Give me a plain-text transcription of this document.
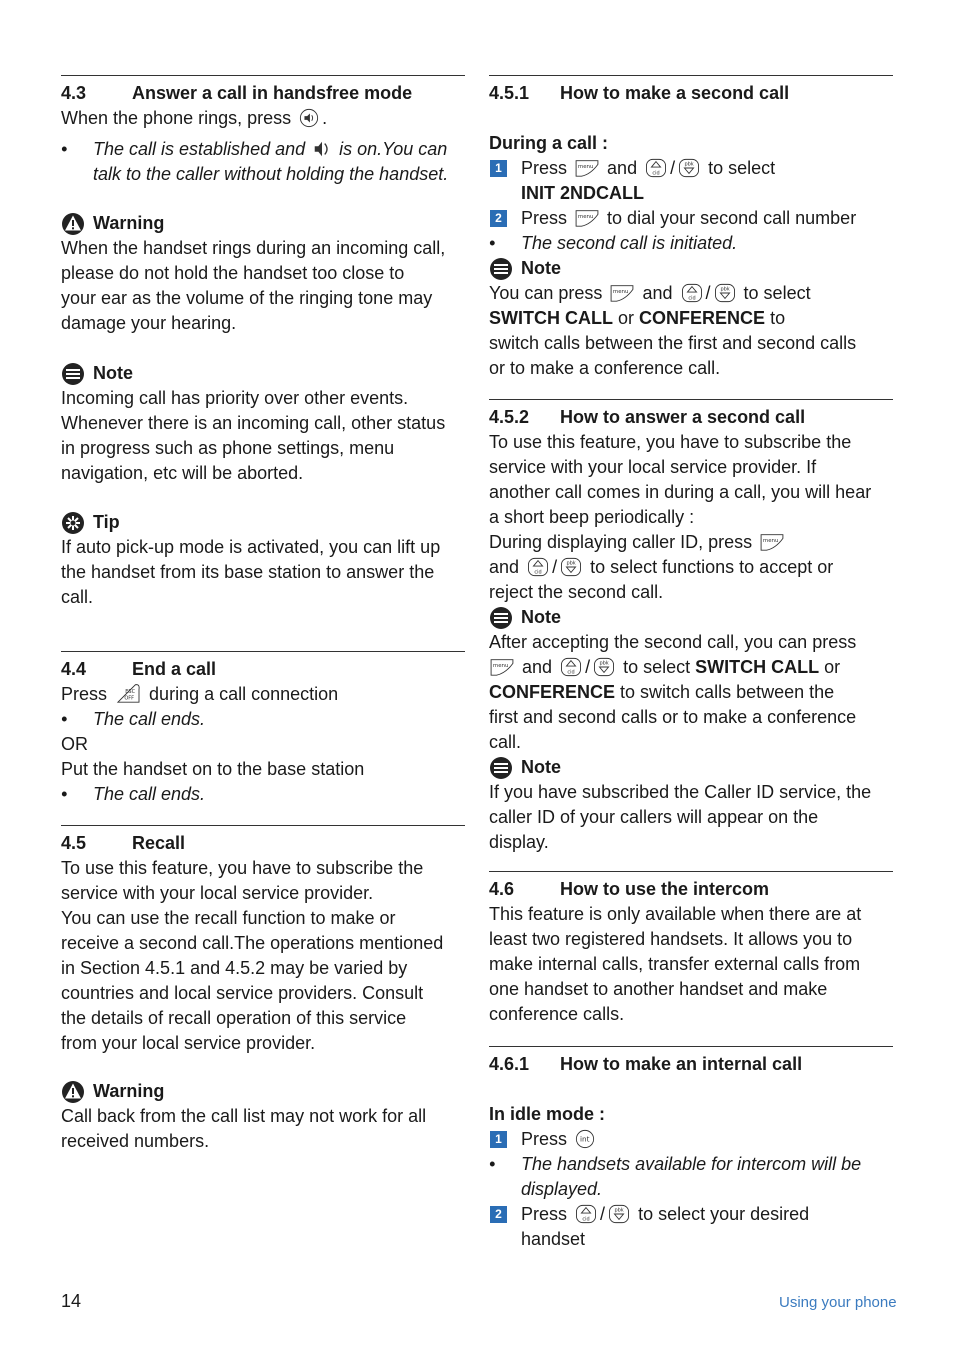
4.3	Answer a call in handsfree mode

When the phone rings, press .

•	The call is established and is on.You can
talk to the caller without holding the handset.
Warning

When the handset rings during an incoming call,
please do not hold the handset too close to
your ear as the volume of the ringing tone may
damage your hearing.

Note

Incoming call has priority over other events.
Whenever there is an incoming call, other status
in progress such as phone settings, menu
navigation, etc will be aborted.

Tip

If auto pick-up mode is activated, you can lift up
the handset from its base station to answer the
call.

4.4	End a call

Press during a call connection

•	The call ends.

OR

Put the handset on to the base station

•	The call ends.
4.5	Recall

To use this feature, you have to subscribe the
service with your local service provider.
You can use the recall function to make or
receive a second call.The operations mentioned
in Section 4.5.1 and 4.5.2 may be varied by
countries and local service providers. Consult
the details of recall operation of this service
from your local service provider.

Warning

Call back from the call list may not work for all
received numbers.

4.5.1	How to make a second call

During a call :

1 Press and / to select
INIT 2NDCALL
2 Press to dial your second call number
•	The second call is initiated.
Note

You can press and / to select
SWITCH CALL or CONFERENCE to
switch calls between the first and second calls
or to make a conference call.

4.5.2	How to answer a second call

To use this feature, you have to subscribe the
service with your local service provider. If
another call comes in during a call, you will hear
a short beep periodically :
During displaying caller ID, press
and / to select functions to accept or
reject the second call.

Note

After accepting the second call, you can press
and / to select SWITCH CALL or
CONFERENCE to switch calls between the
first and second calls or to make a conference
call.

Note

If you have subscribed the Caller ID service, the
caller ID of your callers will appear on the
display.

4.6	How to use the intercom

This feature is only available when there are at
least two registered handsets. It allows you to
make internal calls, transfer external calls from
one handset to another handset and make
conference calls.

4.6.1	How to make an internal call

In idle mode :

1 Press
•	The handsets available for intercom will be
displayed.
2 Press / to select your desired
handset
14	Using your phone
